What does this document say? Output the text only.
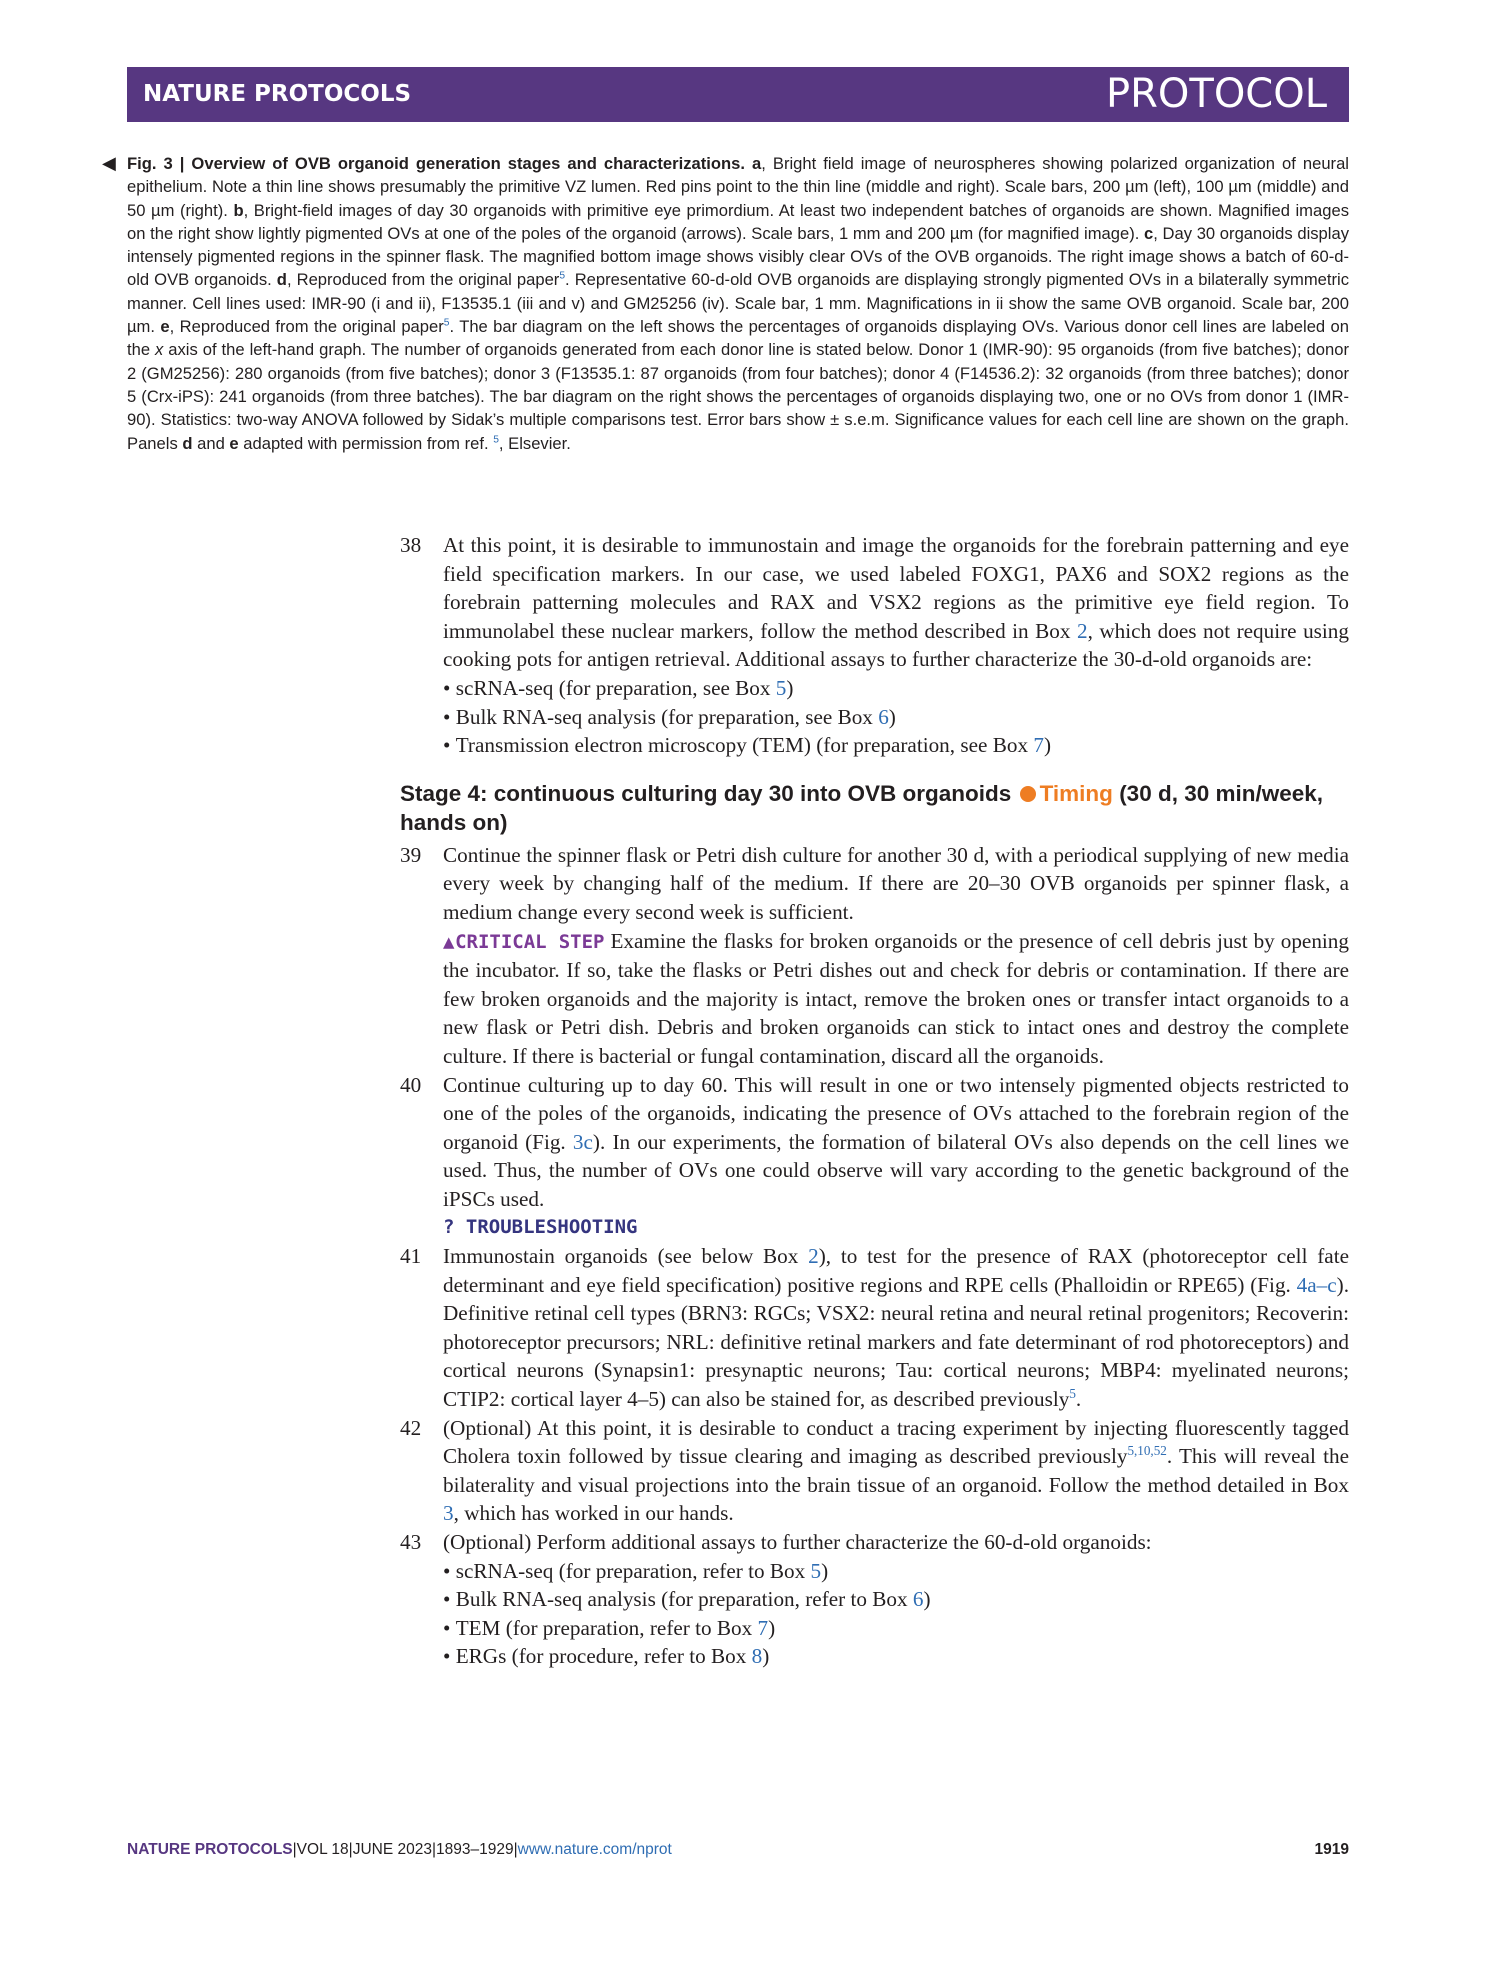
NATURE PROTOCOLS	PROTOCOL
◀ Fig. 3 | Overview of OVB organoid generation stages and characterizations. a, Bright field image of neurospheres showing polarized organization of neural epithelium. Note a thin line shows presumably the primitive VZ lumen. Red pins point to the thin line (middle and right). Scale bars, 200 µm (left), 100 µm (middle) and 50 µm (right). b, Bright-field images of day 30 organoids with primitive eye primordium. At least two independent batches of organoids are shown. Magnified images on the right show lightly pigmented OVs at one of the poles of the organoid (arrows). Scale bars, 1 mm and 200 µm (for magnified image). c, Day 30 organoids display intensely pigmented regions in the spinner flask. The magnified bottom image shows visibly clear OVs of the OVB organoids. The right image shows a batch of 60-d-old OVB organoids. d, Reproduced from the original paper$^5$. Representative 60-d-old OVB organoids are displaying strongly pigmented OVs in a bilaterally symmetric manner. Cell lines used: IMR-90 (i and ii), F13535.1 (iii and v) and GM25256 (iv). Scale bar, 1 mm. Magnifications in ii show the same OVB organoid. Scale bar, 200 µm. e, Reproduced from the original paper$^5$. The bar diagram on the left shows the percentages of organoids displaying OVs. Various donor cell lines are labeled on the x axis of the left-hand graph. The number of organoids generated from each donor line is stated below. Donor 1 (IMR-90): 95 organoids (from five batches); donor 2 (GM25256): 280 organoids (from five batches); donor 3 (F13535.1: 87 organoids (from four batches); donor 4 (F14536.2): 32 organoids (from three batches); donor 5 (Crx-iPS): 241 organoids (from three batches). The bar diagram on the right shows the percentages of organoids displaying two, one or no OVs from donor 1 (IMR-90). Statistics: two-way ANOVA followed by Sidak’s multiple comparisons test. Error bars show ± s.e.m. Significance values for each cell line are shown on the graph. Panels d and e adapted with permission from ref. $^5$, Elsevier.
38 At this point, it is desirable to immunostain and image the organoids for the forebrain patterning and eye field specification markers. In our case, we used labeled FOXG1, PAX6 and SOX2 regions as the forebrain patterning molecules and RAX and VSX2 regions as the primitive eye field region. To immunolabel these nuclear markers, follow the method described in Box 2, which does not require using cooking pots for antigen retrieval. Additional assays to further characterize the 30-d-old organoids are:
• scRNA-seq (for preparation, see Box 5)
• Bulk RNA-seq analysis (for preparation, see Box 6)
• Transmission electron microscopy (TEM) (for preparation, see Box 7)
Stage 4: continuous culturing day 30 into OVB organoids Timing (30 d, 30 min/week, hands on)
39 Continue the spinner flask or Petri dish culture for another 30 d, with a periodical supplying of new media every week by changing half of the medium. If there are 20–30 OVB organoids per spinner flask, a medium change every second week is sufficient.
▲CRITICAL STEP Examine the flasks for broken organoids or the presence of cell debris just by opening the incubator. If so, take the flasks or Petri dishes out and check for debris or contamination. If there are few broken organoids and the majority is intact, remove the broken ones or transfer intact organoids to a new flask or Petri dish. Debris and broken organoids can stick to intact ones and destroy the complete culture. If there is bacterial or fungal contamination, discard all the organoids.
40 Continue culturing up to day 60. This will result in one or two intensely pigmented objects restricted to one of the poles of the organoids, indicating the presence of OVs attached to the forebrain region of the organoid (Fig. 3c). In our experiments, the formation of bilateral OVs also depends on the cell lines we used. Thus, the number of OVs one could observe will vary according to the genetic background of the iPSCs used.
? TROUBLESHOOTING
41 Immunostain organoids (see below Box 2), to test for the presence of RAX (photoreceptor cell fate determinant and eye field specification) positive regions and RPE cells (Phalloidin or RPE65) (Fig. 4a–c). Definitive retinal cell types (BRN3: RGCs; VSX2: neural retina and neural retinal progenitors; Recoverin: photoreceptor precursors; NRL: definitive retinal markers and fate determinant of rod photoreceptors) and cortical neurons (Synapsin1: presynaptic neurons; Tau: cortical neurons; MBP4: myelinated neurons; CTIP2: cortical layer 4–5) can also be stained for, as described previously$^5$.
42 (Optional) At this point, it is desirable to conduct a tracing experiment by injecting fluorescently tagged Cholera toxin followed by tissue clearing and imaging as described previously$^{5,10,52}$. This will reveal the bilaterality and visual projections into the brain tissue of an organoid. Follow the method detailed in Box 3, which has worked in our hands.
43 (Optional) Perform additional assays to further characterize the 60-d-old organoids:
• scRNA-seq (for preparation, refer to Box 5)
• Bulk RNA-seq analysis (for preparation, refer to Box 6)
• TEM (for preparation, refer to Box 7)
• ERGs (for procedure, refer to Box 8)
NATURE PROTOCOLS|VOL 18|JUNE 2023|1893–1929|www.nature.com/nprot	1919
